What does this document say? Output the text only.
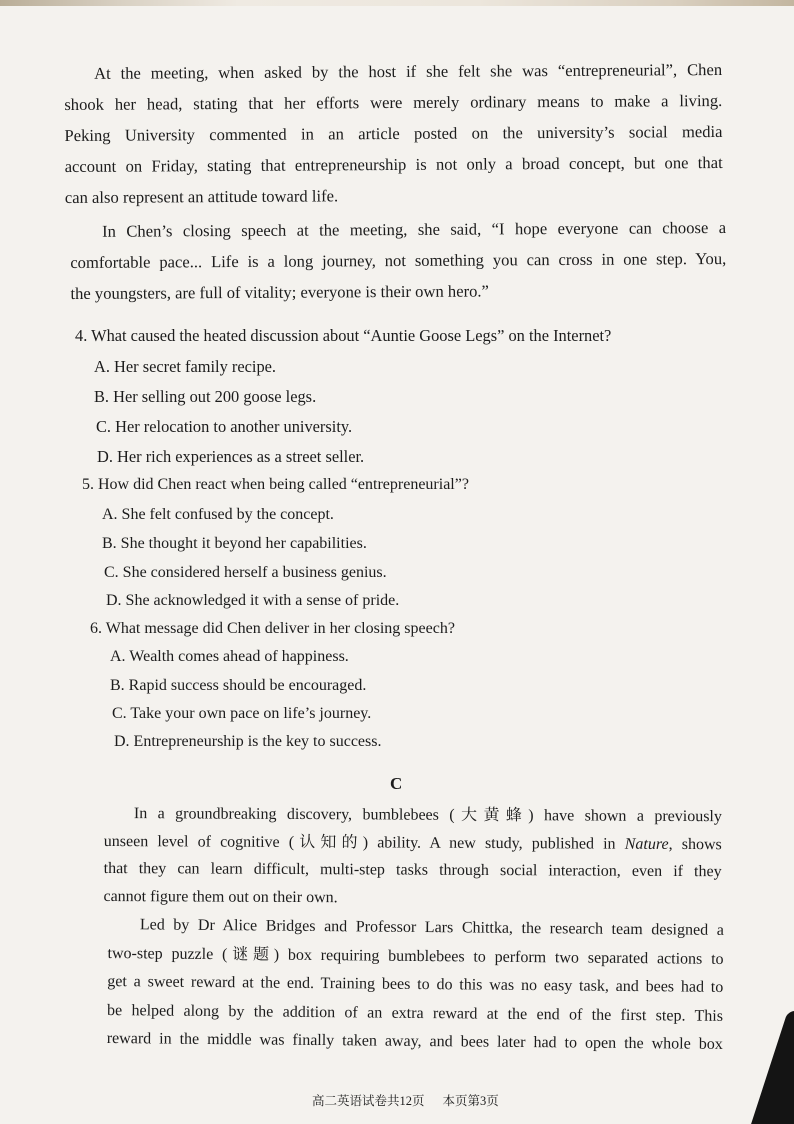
At the meeting, when asked by the host if she felt she was “entrepreneurial”, Chen
shook her head, stating that her efforts were merely ordinary means to make a living.
Peking University commented in an article posted on the university’s social media
account on Friday, stating that entrepreneurship is not only a broad concept, but one that
can also represent an attitude toward life.
In Chen’s closing speech at the meeting, she said, “I hope everyone can choose a
comfortable pace... Life is a long journey, not something you can cross in one step. You,
the youngsters, are full of vitality; everyone is their own hero.”
4. What caused the heated discussion about “Auntie Goose Legs” on the Internet?
A. Her secret family recipe.
B. Her selling out 200 goose legs.
C. Her relocation to another university.
D. Her rich experiences as a street seller.
5. How did Chen react when being called “entrepreneurial”?
A. She felt confused by the concept.
B. She thought it beyond her capabilities.
C. She considered herself a business genius.
D. She acknowledged it with a sense of pride.
6. What message did Chen deliver in her closing speech?
A. Wealth comes ahead of happiness.
B. Rapid success should be encouraged.
C. Take your own pace on life’s journey.
D. Entrepreneurship is the key to success.
C
In a groundbreaking discovery, bumblebees (大黄蜂) have shown a previously
unseen level of cognitive (认知的) ability. A new study, published in Nature, shows
that they can learn difficult, multi-step tasks through social interaction, even if they
cannot figure them out on their own.
Led by Dr Alice Bridges and Professor Lars Chittka, the research team designed a
two-step puzzle (谜题) box requiring bumblebees to perform two separated actions to
get a sweet reward at the end. Training bees to do this was no easy task, and bees had to
be helped along by the addition of an extra reward at the end of the first step. This
reward in the middle was finally taken away, and bees later had to open the whole box
高二英语试卷共12页 本页第3页
